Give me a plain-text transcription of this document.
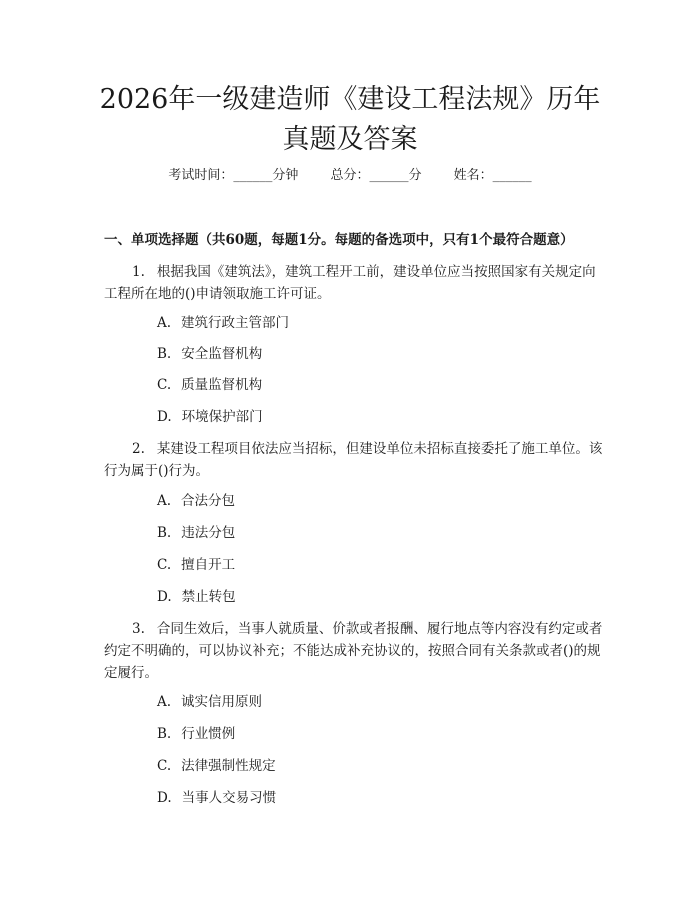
2026年一级建造师《建设工程法规》历年真题及答案
考试时间：______分钟 总分：______分 姓名：______
一、单项选择题（共60题，每题1分。每题的备选项中，只有1个最符合题意）

1. 根据我国《建筑法》，建筑工程开工前，建设单位应当按照国家有关规定向工程所在地的()申请领取施工许可证。

A. 建筑行政主管部门
B. 安全监督机构
C. 质量监督机构
D. 环境保护部门

2. 某建设工程项目依法应当招标，但建设单位未招标直接委托了施工单位。该行为属于()行为。

A. 合法分包
B. 违法分包
C. 擅自开工
D. 禁止转包

3. 合同生效后，当事人就质量、价款或者报酬、履行地点等内容没有约定或者约定不明确的，可以协议补充；不能达成补充协议的，按照合同有关条款或者()的规定履行。

A. 诚实信用原则
B. 行业惯例
C. 法律强制性规定
D. 当事人交易习惯
